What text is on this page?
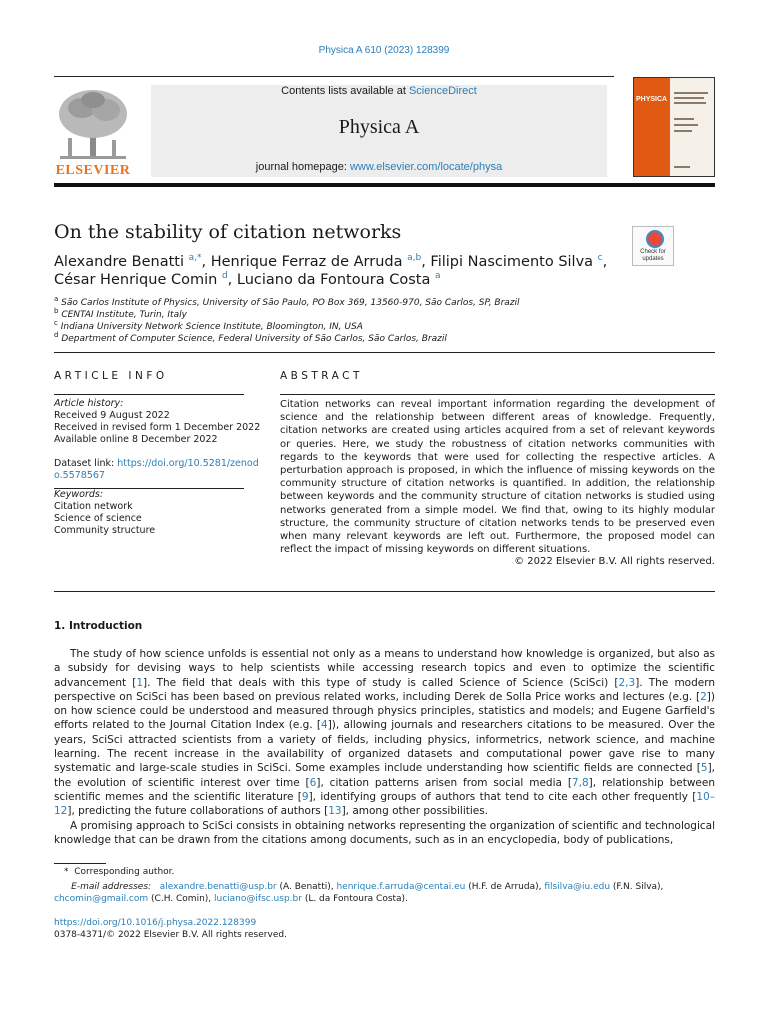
Physica A 610 (2023) 128399
ELSEVIER
Contents lists available at ScienceDirect
Physica A
journal homepage: www.elsevier.com/locate/physa
PHYSICA
On the stability of citation networks
Check for
updates
Alexandre Benatti $^{a,*}$, Henrique Ferraz de Arruda $^{a,b}$, Filipi Nascimento Silva $^c$,
César Henrique Comin $^d$, Luciano da Fontoura Costa $^a$
$^a$ São Carlos Institute of Physics, University of São Paulo, PO Box 369, 13560-970, São Carlos, SP, Brazil
$^b$ CENTAI Institute, Turin, Italy
$^c$ Indiana University Network Science Institute, Bloomington, IN, USA
$^d$ Department of Computer Science, Federal University of São Carlos, São Carlos, Brazil
ARTICLE INFO	ABSTRACT
Article history:
Received 9 August 2022
Received in revised form 1 December 2022
Available online 8 December 2022
Dataset link: https://doi.org/10.5281/zenod
o.5578567
Keywords:
Citation network
Science of science
Community structure
Citation networks can reveal important information regarding the development of science and the relationship between different areas of knowledge. Frequently, citation networks are created using articles acquired from a set of relevant keywords or queries. Here, we study the robustness of citation networks communities with regards to the keywords that were used for collecting the respective articles. A perturbation approach is proposed, in which the influence of missing keywords on the community structure of citation networks is quantified. In addition, the relationship between keywords and the community structure of citation networks is studied using networks generated from a simple model. We find that, owing to its highly modular structure, the community structure of citation networks tends to be preserved even when many relevant keywords are left out. Furthermore, the proposed model can reflect the impact of missing keywords on different situations.
© 2022 Elsevier B.V. All rights reserved.
1. Introduction

The study of how science unfolds is essential not only as a means to understand how knowledge is organized, but also as a subsidy for devising ways to help scientists while accessing research topics and even to optimize the scientific advancement [1]. The field that deals with this type of study is called Science of Science (SciSci) [2,3]. The modern perspective on SciSci has been based on previous related works, including Derek de Solla Price works and lectures (e.g. [2]) on how science could be understood and measured through physics principles, statistics and models; and Eugene Garfield's efforts related to the Journal Citation Index (e.g. [4]), allowing journals and researchers citations to be measured. Over the years, SciSci attracted scientists from a variety of fields, including physics, informetrics, network science, and machine learning. The recent increase in the availability of organized datasets and computational power gave rise to many systematic and large-scale studies in SciSci. Some examples include understanding how scientific fields are connected [5], the evolution of scientific interest over time [6], citation patterns arisen from social media [7,8], relationship between scientific memes and the scientific literature [9], identifying groups of authors that tend to cite each other frequently [10–12], predicting the future collaborations of authors [13], among other possibilities.

A promising approach to SciSci consists in obtaining networks representing the organization of scientific and technological knowledge that can be drawn from the citations among documents, such as in an encyclopedia, body of publications,

* Corresponding author.
E-mail addresses: alexandre.benatti@usp.br (A. Benatti), henrique.f.arruda@centai.eu (H.F. de Arruda), filsilva@iu.edu (F.N. Silva),
chcomin@gmail.com (C.H. Comin), luciano@ifsc.usp.br (L. da Fontoura Costa).
https://doi.org/10.1016/j.physa.2022.128399
0378-4371/© 2022 Elsevier B.V. All rights reserved.
